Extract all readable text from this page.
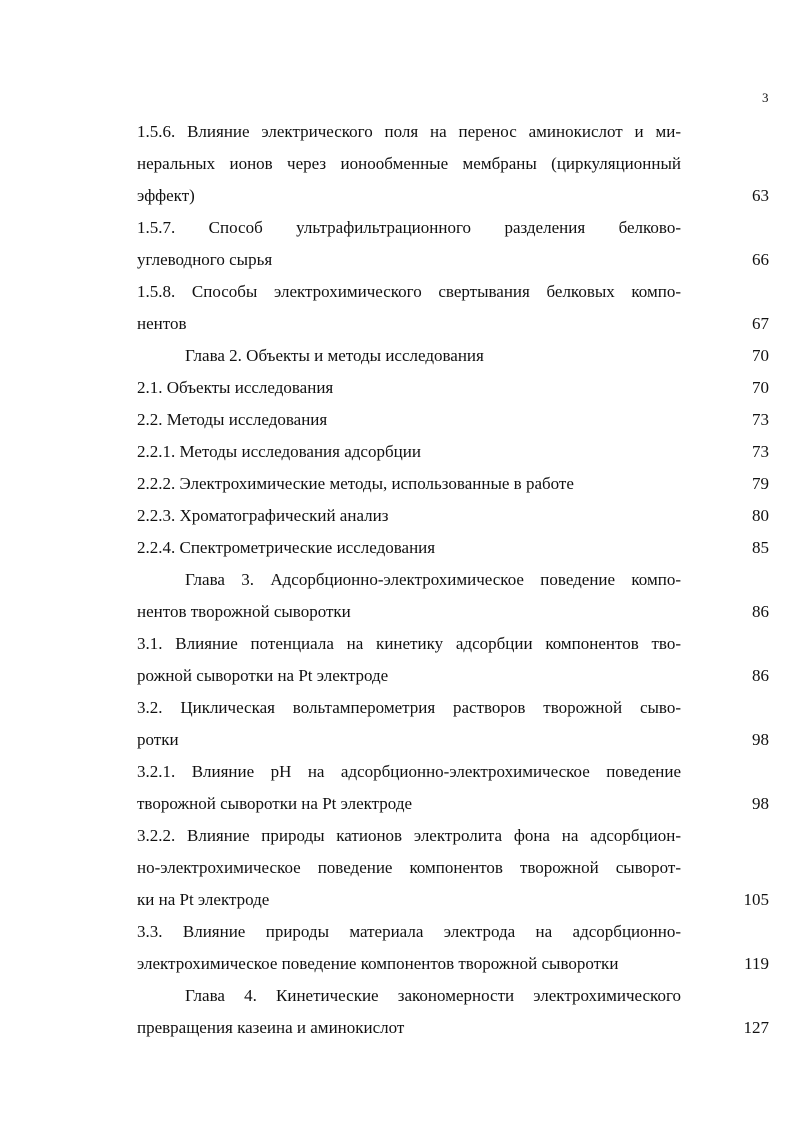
3
1.5.6. Влияние электрического поля на перенос аминокислот и ми-
неральных ионов через ионообменные мембраны (циркуляционный
эффект)	63
1.5.7. Способ ультрафильтрационного разделения белково-
углеводного сырья	66
1.5.8. Способы электрохимического свертывания белковых компо-
нентов	67
Глава 2. Объекты и методы исследования	70
2.1. Объекты исследования	70
2.2. Методы исследования	73
2.2.1. Методы исследования адсорбции	73
2.2.2. Электрохимические методы, использованные в работе	79
2.2.3. Хроматографический анализ	80
2.2.4. Спектрометрические исследования	85
Глава 3. Адсорбционно-электрохимическое поведение компо-
нентов творожной сыворотки	86
3.1. Влияние потенциала на кинетику адсорбции компонентов тво-
рожной сыворотки на Pt электроде	86
3.2. Циклическая вольтамперометрия растворов творожной сыво-
ротки	98
3.2.1. Влияние pH на адсорбционно-электрохимическое поведение
творожной сыворотки на Pt электроде	98
3.2.2. Влияние природы катионов электролита фона на адсорбцион-
но-электрохимическое поведение компонентов творожной сыворот-
ки на Pt электроде	105
3.3. Влияние природы материала электрода на адсорбционно-
электрохимическое поведение компонентов творожной сыворотки	119
Глава 4. Кинетические закономерности электрохимического
превращения казеина и аминокислот	127
